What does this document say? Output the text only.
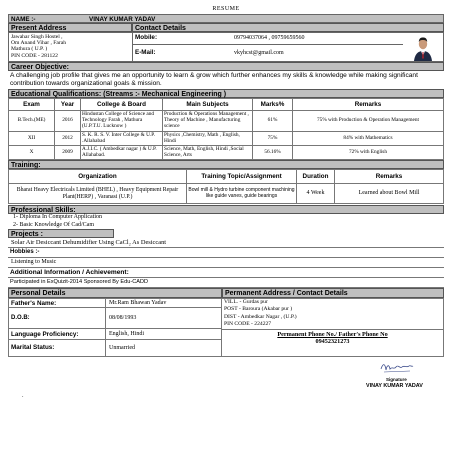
RESUME
NAME :-	VINAY KUMAR YADAV
Present Address	Contact Details
Jawahar Singh Hostel ,
Om Anand Vihar , Farah
Mathura ( U.P. )
PIN CODE - 281122
Mobile:	09794037064 , 09759659560
E-Mail:	vkyhcst@gmail.com
Career Objective:
A challenging job profile that gives me an opportunity to learn & grow which further enhances my skills & knowledge while making significant contribution towards organizational goals & mission.
Educational Qualifications: (Streams :- Mechanical Engineering )
Exam	Year	College & Board	Main Subjects	Marks%	Remarks
B.Tech.(ME)	2016	Hindustan College of Science and Technology Farah , Mathura (U.P.T.U. Lucknow )	Production & Operations Management , Theory of Machine , Manufacturing science	61%	75% with Production & Operation Management
XII	2012	S. K. R. S. V. Inter College & U.P. .Allahabad	Physics ,Chemistry, Math , English, Hindi	75%	84% with Mathematics
X	2009	A.J.I.C. ( Ambedkar nagar ) & U.P. Allahabad.	Science, Math, English, Hindi ,Social Science, Arts	56.16%	72% with English
Training:
Organization	Training Topic/Assignment	Duration	Remarks
Bharat Heavy Electricals Limited (BHEL) , Heavy Equipment Repair Plant(HERP) , Varanasi (U.P.)	Bowl mill & Hydro turbine component machining like guide vanes, guide bearings	4 Week	Learned about Bowl Mill
Professional Skills:
1- Diploma In Computer Application
2- Basic Knowledge Of Cad/Cam
Projects :
Solar Air Desiccant Dehumidifier Using CaCl₂ As Desiccant
Hobbies :-
Listening to Music
Additional Information / Achievement:
Participated in ExQuizit-2014 Sponsored By Edu-CADD
Personal Details	Permanent Address / Contact Details
Father's Name:	Mr.Ram Bhawan Yadav
D.O.B:	08/08/1993
Language Proficiency:	English, Hindi
Marital Status:	Unmarried
VILL. - Gurdas pur
POST - Baroura (Akabar pur )
DIST - Ambedkar Nagar , (U.P.)
PIN CODE - 224227
Permanent Phone No./ Father's Phone No
09452321273
Signature
VINAY KUMAR YADAV
.
